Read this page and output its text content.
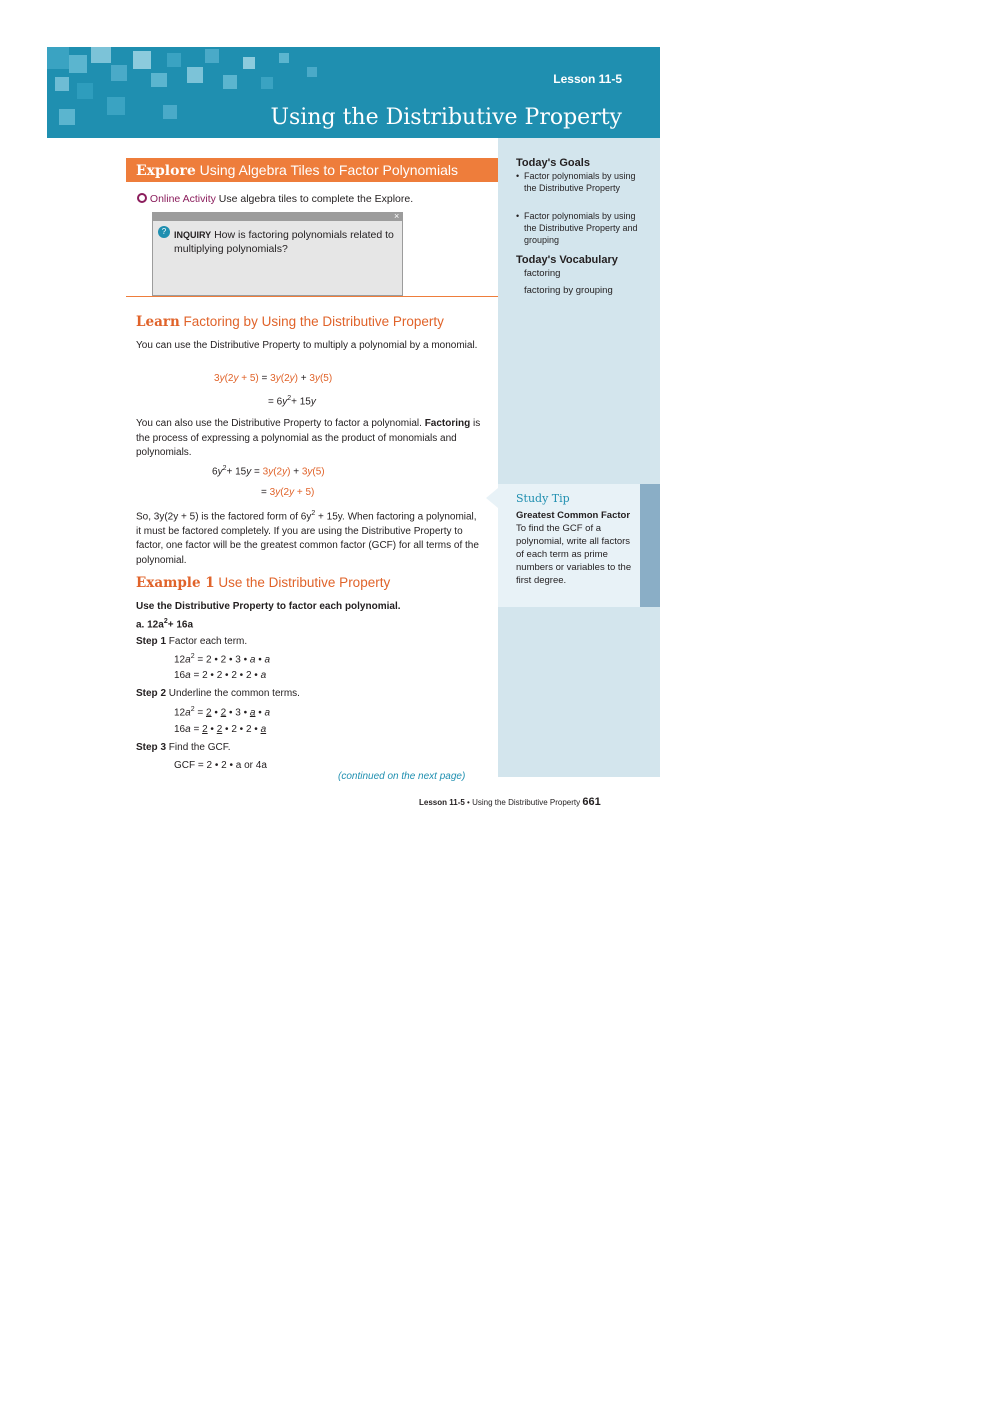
Lesson 11-5
Using the Distributive Property
Today's Goals
• Factor polynomials by using the Distributive Property
• Factor polynomials by using the Distributive Property and grouping
Today's Vocabulary
factoring
factoring by grouping
Study Tip
Greatest Common Factor To find the GCF of a polynomial, write all factors of each term as prime numbers or variables to the first degree.
Explore Using Algebra Tiles to Factor Polynomials
Online Activity Use algebra tiles to complete the Explore.
×
? INQUIRY How is factoring polynomials related to multiplying polynomials?
Learn Factoring by Using the Distributive Property
You can use the Distributive Property to multiply a polynomial by a monomial.
3y(2y + 5) = 3y(2y) + 3y(5)
= $6y^2+ 15y$
You can also use the Distributive Property to factor a polynomial. Factoring is the process of expressing a polynomial as the product of monomials and polynomials.
$6y^2+ 15y = 3y(2y) + 3y(5)$
= 3y(2y + 5)
So, 3y(2y + 5) is the factored form of $6y^2 + 15y$. When factoring a polynomial, it must be factored completely. If you are using the Distributive Property to factor, one factor will be the greatest common factor (GCF) for all terms of the polynomial.
Example 1 Use the Distributive Property
Use the Distributive Property to factor each polynomial.
a. $12a^2+ 16a$
Step 1 Factor each term.
$12a^2 = 2$ • 2 • 3 • a • a
16a = 2 • 2 • 2 • 2 • a
Step 2 Underline the common terms.
$12a^2 = 2$ • 2 • 3 • a • a
16a = 2 • 2 • 2 • 2 • a
Step 3 Find the GCF.
GCF = 2 • 2 • a or 4a
(continued on the next page)
Lesson 11-5 • Using the Distributive Property 661
